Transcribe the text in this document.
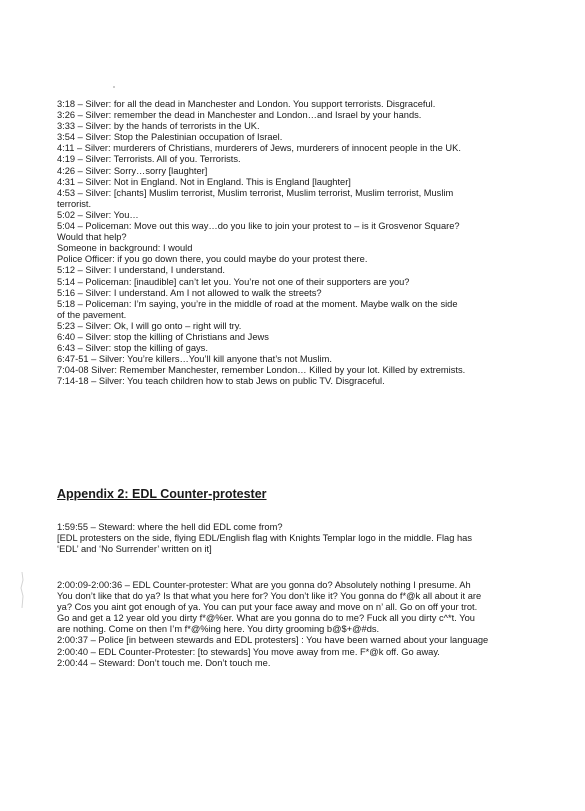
3:18 – Silver: for all the dead in Manchester and London. You support terrorists. Disgraceful.
3:26 – Silver: remember the dead in Manchester and London…and Israel by your hands.
3:33 – Silver: by the hands of terrorists in the UK.
3:54 – Silver: Stop the Palestinian occupation of Israel.
4:11 – Silver: murderers of Christians, murderers of Jews, murderers of innocent people in the UK.
4:19 – Silver: Terrorists. All of you. Terrorists.
4:26 – Silver: Sorry…sorry [laughter]
4:31 – Silver: Not in England. Not in England. This is England [laughter]
4:53 – Silver: [chants] Muslim terrorist, Muslim terrorist, Muslim terrorist, Muslim terrorist, Muslim
terrorist.
5:02 – Silver: You…
5:04 – Policeman: Move out this way…do you like to join your protest to – is it Grosvenor Square?
Would that help?
Someone in background: I would
Police Officer: if you go down there, you could maybe do your protest there.
5:12 – Silver: I understand, I understand.
5:14 – Policeman: [inaudible] can’t let you. You’re not one of their supporters are you?
5:16 – Silver: I understand. Am I not allowed to walk the streets?
5:18 – Policeman: I’m saying, you’re in the middle of road at the moment. Maybe walk on the side
of the pavement.
5:23 – Silver: Ok, I will go onto – right will try.
6:40 – Silver: stop the killing of Christians and Jews
6:43 – Silver: stop the killing of gays.
6:47-51 – Silver: You’re killers…You’ll kill anyone that’s not Muslim.
7:04-08 Silver: Remember Manchester, remember London… Killed by your lot. Killed by extremists.
7:14-18 – Silver: You teach children how to stab Jews on public TV. Disgraceful.
Appendix 2: EDL Counter-protester
1:59:55 – Steward: where the hell did EDL come from?
[EDL protesters on the side, flying EDL/English flag with Knights Templar logo in the middle. Flag has
‘EDL’ and ‘No Surrender’ written on it]
2:00:09-2:00:36 – EDL Counter-protester: What are you gonna do? Absolutely nothing I presume. Ah
You don’t like that do ya? Is that what you here for? You don’t like it? You gonna do f*@k all about it are
ya? Cos you aint got enough of ya. You can put your face away and move on n’ all. Go on off your trot.
Go and get a 12 year old you dirty f*@%er. What are you gonna do to me? Fuck all you dirty c^*t. You
are nothing. Come on then I’m f*@%ing here. You dirty grooming b@$+@#ds.
2:00:37 – Police [in between stewards and EDL protesters] : You have been warned about your language
2:00:40 – EDL Counter-Protester: [to stewards] You move away from me. F*@k off. Go away.
2:00:44 – Steward: Don’t touch me. Don’t touch me.
